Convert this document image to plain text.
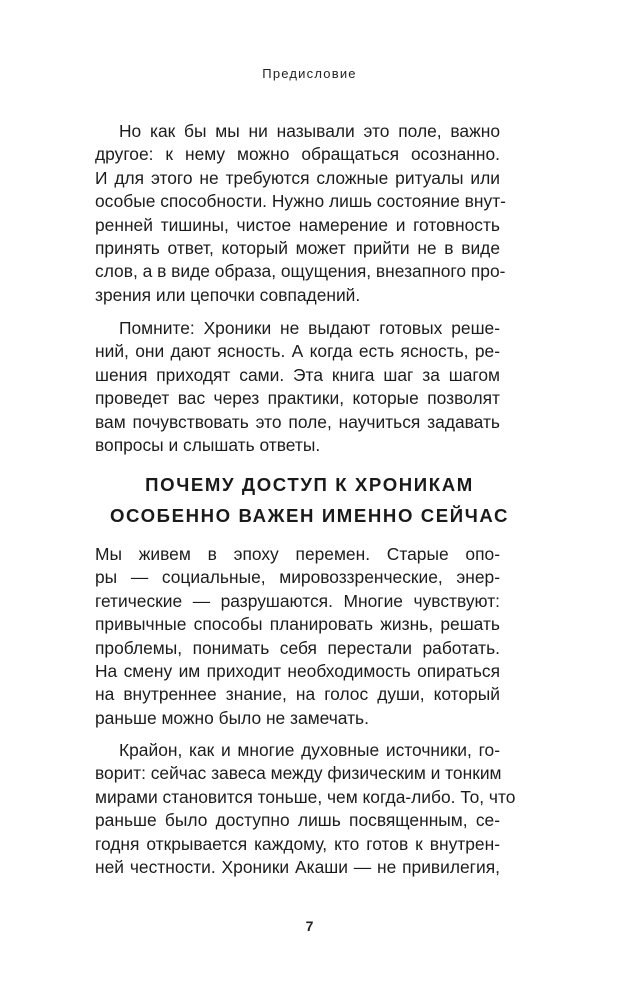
Предисловие
Но как бы мы ни называли это поле, важно
другое: к нему можно обращаться осознанно.
И для этого не требуются сложные ритуалы или
особые способности. Нужно лишь состояние внут-
ренней тишины, чистое намерение и готовность
принять ответ, который может прийти не в виде
слов, а в виде образа, ощущения, внезапного про-
зрения или цепочки совпадений.
Помните: Хроники не выдают готовых реше-
ний, они дают ясность. А когда есть ясность, ре-
шения приходят сами. Эта книга шаг за шагом
проведет вас через практики, которые позволят
вам почувствовать это поле, научиться задавать
вопросы и слышать ответы.
ПОЧЕМУ ДОСТУП К ХРОНИКАМ
ОСОБЕННО ВАЖЕН ИМЕННО СЕЙЧАС
Мы живем в эпоху перемен. Старые опо-
ры — социальные, мировоззренческие, энер-
гетические — разрушаются. Многие чувствуют:
привычные способы планировать жизнь, решать
проблемы, понимать себя перестали работать.
На смену им приходит необходимость опираться
на внутреннее знание, на голос души, который
раньше можно было не замечать.
Крайон, как и многие духовные источники, го-
ворит: сейчас завеса между физическим и тонким
мирами становится тоньше, чем когда-либо. То, что
раньше было доступно лишь посвященным, се-
годня открывается каждому, кто готов к внутрен-
ней честности. Хроники Акаши — не привилегия,
7
